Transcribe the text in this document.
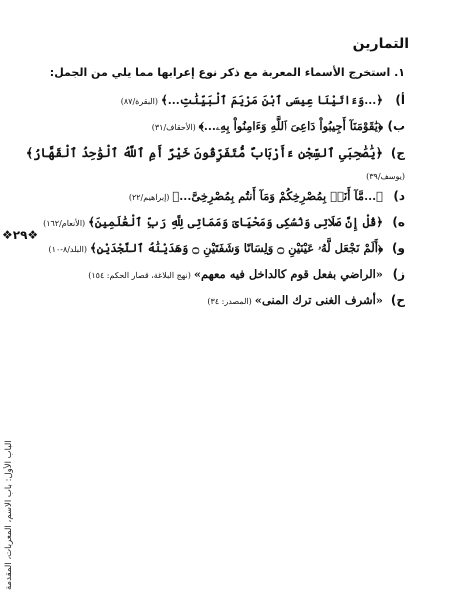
التمارين
١. استخرج الأسماء المعربة مع ذكر نوع إعرابها مما يلي من الجمل:
أ)﴿...وَءَاتَيْنَا عِيسَى ٱبْنَ مَرْيَمَ ٱلْبَيِّنَٰتِ...﴾(البقرة/٨٧)
ب)﴿يَٰقَوْمَنَآ أَجِيبُواْ دَاعِىَ ٱللَّهِ وَءَامِنُواْ بِهِۦ...﴾(الأحقاف/٣١)
ج)﴿يَٰصَٰحِبَىِ ٱلسِّجْنِ ءَأَرْبَابٌ مُّتَفَرِّقُونَ خَيْرٌ أَمِ ٱللَّهُ ٱلْوَٰحِدُ ٱلْقَهَّارُ﴾
د)﴿...مَّآ أَنَا۠ بِمُصْرِخِكُمْ وَمَآ أَنتُم بِمُصْرِخِىَّ...﴾(إبراهيم/٢٢)
ه)﴿قُلْ إِنَّ صَلَاتِى وَنُسُكِى وَمَحْيَاىَ وَمَمَاتِى لِلَّهِ رَبِّ ٱلْعَٰلَمِينَ﴾(الأنعام/١٦٢)
و)﴿أَلَمْ نَجْعَل لَّهُۥ عَيْنَيْنِ ۝ وَلِسَانًا وَشَفَتَيْنِ ۝ وَهَدَيْنَٰهُ ٱلنَّجْدَيْنِ﴾(البلد/٨-١٠)
ز)«الراضي بفعل قوم كالداخل فيه معهم»(نهج البلاغة، قصار الحكم: ١٥٤)
ح)«أشرف الغنى ترك المنى»(المصدر: ٣٤)
(يوسف/٣٩)
❖٢٩❖
الباب الأول: باب الاسم، المعربات، المقدمة
